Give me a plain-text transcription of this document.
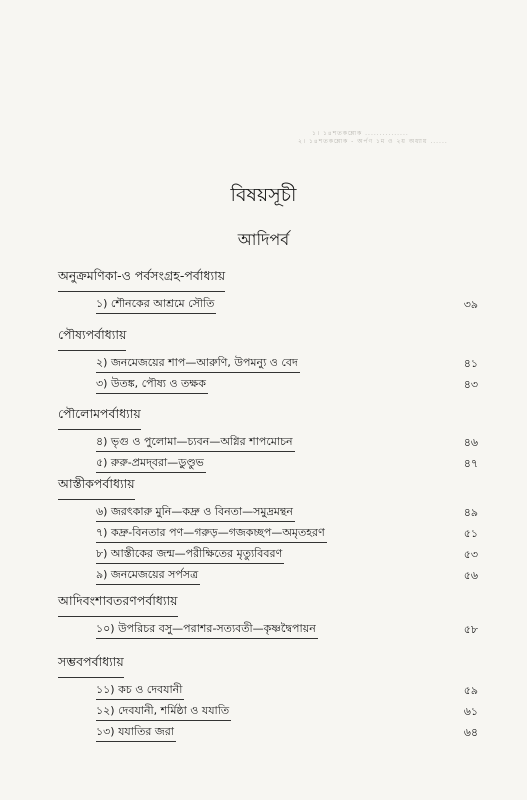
১। ১৪শতকশ্লোক ...............
২। ১৪শতকশ্লোক - অর্পণ ১ম ও ২য় অধ্যায় ......
বিষয়সূচী
আদিপর্ব
অনুক্রমণিকা-ও পর্বসংগ্রহ-পর্বাধ্যায়
১) শৌনকের আশ্রমে সৌতি	৩৯
পৌষ্যপর্বাধ্যায়
২) জনমেজয়ের শাপ—আরুণি, উপমন্যু ও বেদ	৪১
৩) উতঙ্ক, পৌষ্য ও তক্ষক	৪৩
পৌলোমপর্বাধ্যায়
৪) ভৃগু ও পুলোমা—চ্যবন—অগ্নির শাপমোচন	৪৬
৫) রুরু-প্রমদ্‌বরা—ডুণ্ডুভ	৪৭
আস্তীকপর্বাধ্যায়
৬) জরৎকারু মুনি—কদ্রু ও বিনতা—সমুদ্রমন্থন	৪৯
৭) কদ্রু-বিনতার পণ—গরুড়—গজকচ্ছপ—অমৃতহরণ	৫১
৮) আস্তীকের জন্ম—পরীক্ষিতের মৃত্যুবিবরণ	৫৩
৯) জনমেজয়ের সর্পসত্র	৫৬
আদিবংশাবতরণপর্বাধ্যায়
১০) উপরিচর বসু—পরাশর-সত্যবতী—কৃষ্ণদ্বৈপায়ন	৫৮
সম্ভবপর্বাধ্যায়
১১) কচ ও দেবযানী	৫৯
১২) দেবযানী, শর্মিষ্ঠা ও যযাতি	৬১
১৩) যযাতির জরা	৬৪
